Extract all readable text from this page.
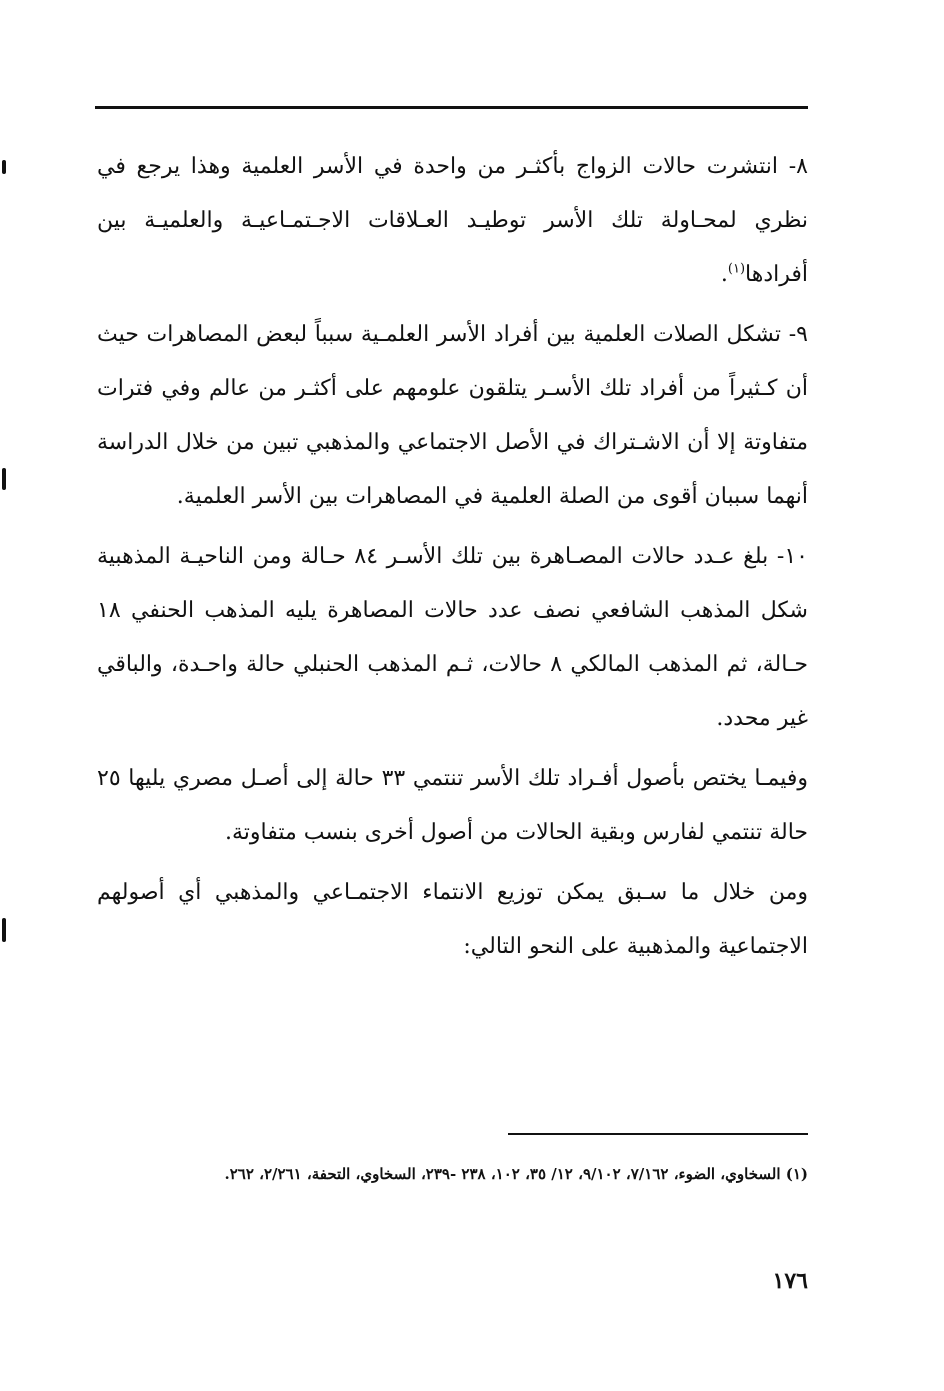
٨- انتشرت حالات الزواج بأكثـر من واحدة في الأسر العلمية وهذا يرجع في نظري لمحـاولة تلك الأسر توطيـد العـلاقات الاجـتمـاعيـة والعلميـة بين أفرادها$^{(١)}$.

٩- تشكل الصلات العلمية بين أفراد الأسر العلمـية سبباً لبعض المصاهرات حيث أن كـثيراً من أفراد تلك الأسـر يتلقون علومهم على أكثـر من عالم وفي فترات متفاوتة إلا أن الاشـتراك في الأصل الاجتماعي والمذهبي تبين من خلال الدراسة أنهما سببان أقوى من الصلة العلمية في المصاهرات بين الأسر العلمية.

١٠- بلغ عـدد حالات المصـاهرة بين تلك الأسـر ٨٤ حـالة ومن الناحيـة المذهبية شكل المذهب الشافعي نصف عدد حالات المصاهرة يليه المذهب الحنفي ١٨ حـالة، ثم المذهب المالكي ٨ حالات، ثـم المذهب الحنبلي حالة واحـدة، والباقي غير محدد.

وفيمـا يختص بأصول أفـراد تلك الأسر تنتمي ٣٣ حالة إلى أصـل مصري يليها ٢٥ حالة تنتمي لفارس وبقية الحالات من أصول أخرى بنسب متفاوتة.

ومن خلال ما سـبق يمكن توزيع الانتماء الاجتمـاعي والمذهبي أي أصولهم الاجتماعية والمذهبية على النحو التالي:

(١) السخاوي، الضوء، ٧/١٦٢، ٩/١٠٢، ١٢/ ٣٥، ١٠٢، ٢٣٨ -٢٣٩، السخاوي، التحفة، ٢/٢٦١، ٢٦٢.
١٧٦
